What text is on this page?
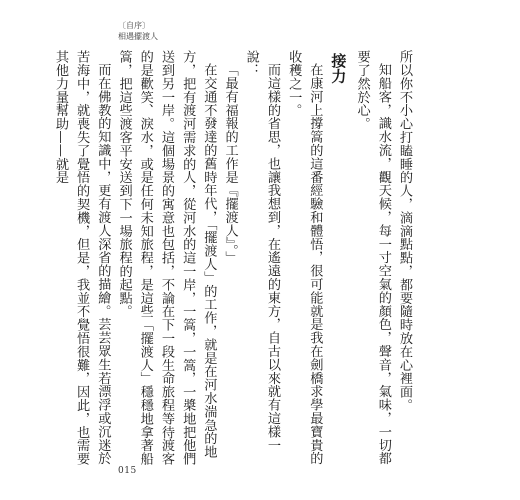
〔自序〕
相遇擺渡人

所以你不小心打瞌睡的人，滴滴點點，都要隨時放在心裡面。

知船客，識水流，觀天候，每一寸空氣的顏色，聲音，氣味，一切都要了然於心。

接力

在康河上撐篙的這番經驗和體悟，很可能就是我在劍橋求學最寶貴的收穫之一。

而這樣的省思，也讓我想到，在遙遠的東方，自古以來就有這樣一說：

「最有福報的工作是『擺渡人』。」

在交通不發達的舊時年代，「擺渡人」的工作，就是在河水湍急的地方，把有渡河需求的人，從河水的這一岸，一篙，一篙，一槳地把他們送到另一岸。這個場景的寓意也包括，不論在下一段生命旅程等待渡客的是歡笑、淚水，或是任何未知旅程，是這些「擺渡人」穩穩地拿著船篙，把這些渡客平安送到下一場旅程的起點。

而在佛教的知識中，更有渡人深省的描繪。芸芸眾生若漂浮或沉迷於苦海中，就喪失了覺悟的契機，但是，我並不覺悟很難，因此，也需要其他力量幫助——就是

015
